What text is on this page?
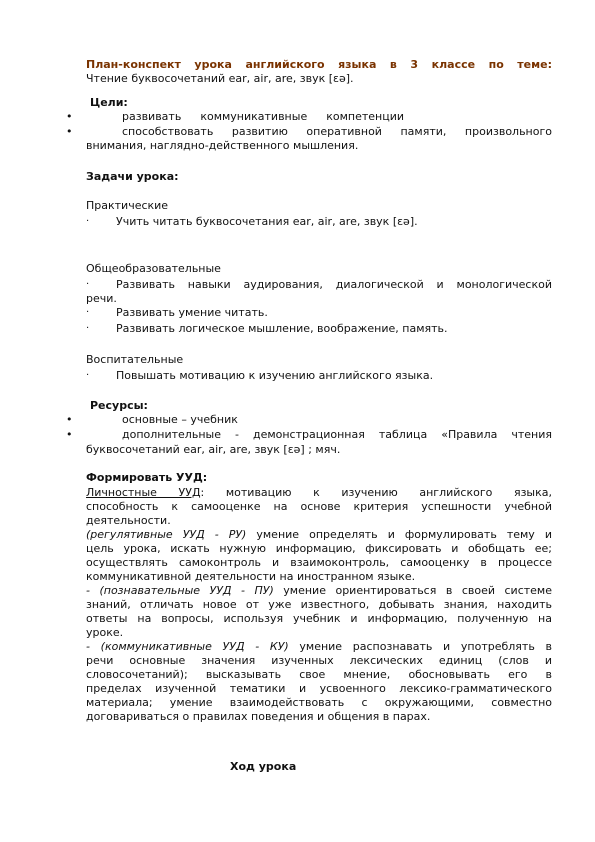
План-конспект урока английского языка в 3 классе по теме:
Чтение буквосочетаний ear, air, are, звук [ɛə].
Цели:
•	развивать коммуникативные компетенции
•	способствовать развитию оперативной памяти, произвольного
внимания, наглядно-действенного мышления.
Задачи урока:
Практические
· Учить читать буквосочетания ear, air, are, звук [ɛə].
Общеобразовательные
· Развивать навыки аудирования, диалогической и монологической
речи.
· Развивать умение читать.
· Развивать логическое мышление, воображение, память.
Воспитательные
· Повышать мотивацию к изучению английского языка.
Ресурсы:
•	основные – учебник
•	дополнительные - демонстрационная таблица «Правила чтения
буквосочетаний ear, air, are, звук [ɛə] ; мяч.
Формировать УУД:
Личностные УУД: мотивацию к изучению английского языка,
способность к самооценке на основе критерия успешности учебной
деятельности.
(регулятивные УУД - РУ) умение определять и формулировать тему и
цель урока, искать нужную информацию, фиксировать и обобщать ее;
осуществлять самоконтроль и взаимоконтроль, самооценку в процессе
коммуникативной деятельности на иностранном языке.
- (познавательные УУД - ПУ) умение ориентироваться в своей системе
знаний, отличать новое от уже известного, добывать знания, находить
ответы на вопросы, используя учебник и информацию, полученную на
уроке.
- (коммуникативные УУД - КУ) умение распознавать и употреблять в
речи основные значения изученных лексических единиц (слов и
словосочетаний); высказывать свое мнение, обосновывать его в
пределах изученной тематики и усвоенного лексико-грамматического
материала; умение взаимодействовать с окружающими, совместно
договариваться о правилах поведения и общения в парах.
Ход урока
